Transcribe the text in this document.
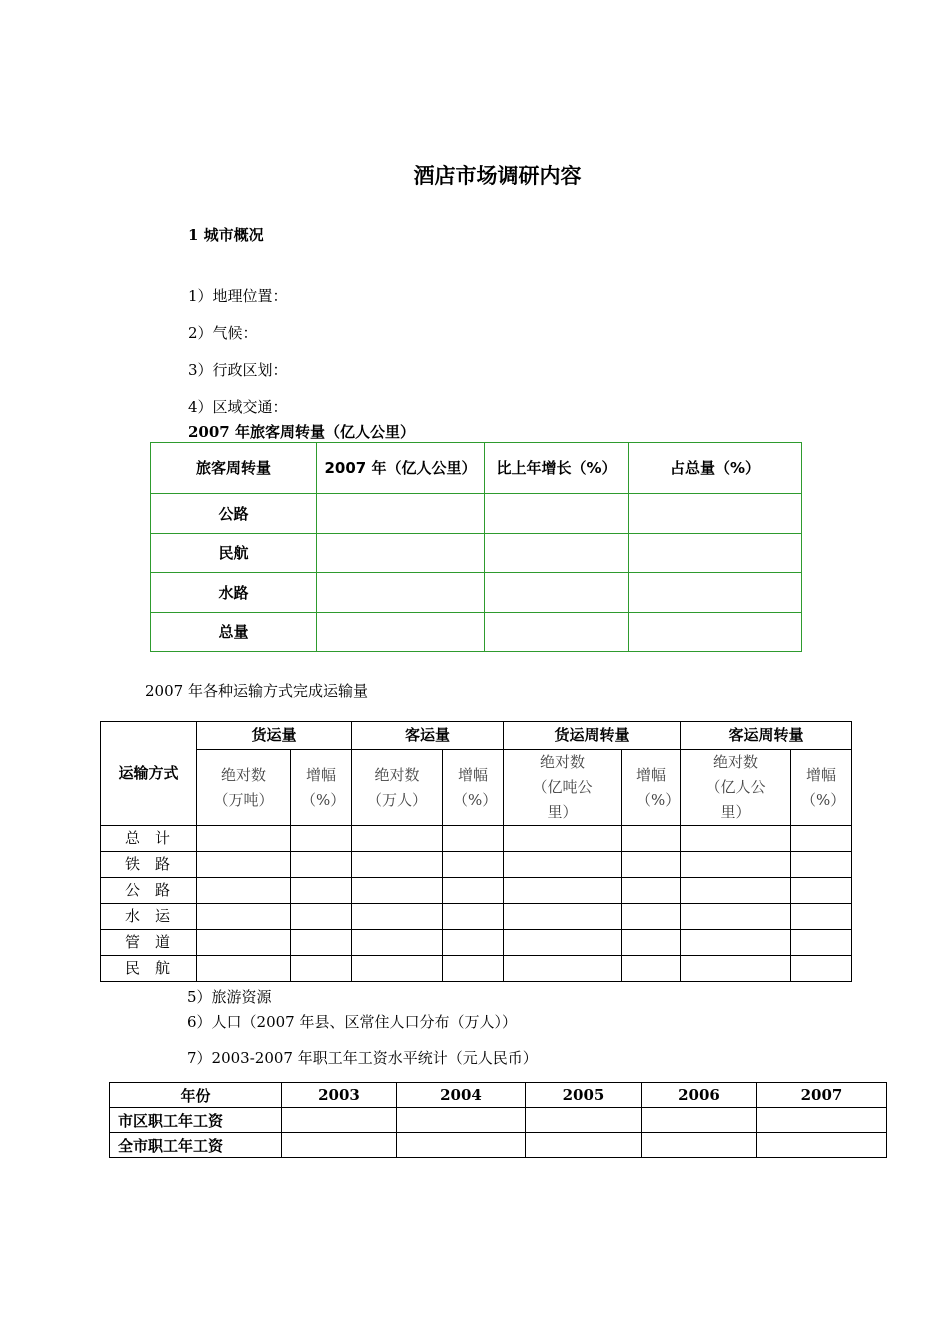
酒店市场调研内容
1 城市概况
1）地理位置：
2）气候：
3）行政区划：
4）区域交通：
2007 年旅客周转量（亿人公里）
旅客周转量	2007 年（亿人公里）	比上年增长（%）	占总量（%）
公路			
民航			
水路			
总量			
2007 年各种运输方式完成运输量
运输方式	货运量		客运量		货运周转量		客运周转量	
	绝对数（万吨）	增幅（%）	绝对数（万人）	增幅（%）	绝对数（亿吨公里）	增幅（%）	绝对数（亿人公里）	增幅（%）
总　计								
铁　路								
公　路								
水　运								
管　道								
民　航								
5）旅游资源
6）人口（2007 年县、区常住人口分布（万人））
7）2003-2007 年职工年工资水平统计（元人民币）
年份	2003	2004	2005	2006	2007
市区职工年工资					
全市职工年工资					
